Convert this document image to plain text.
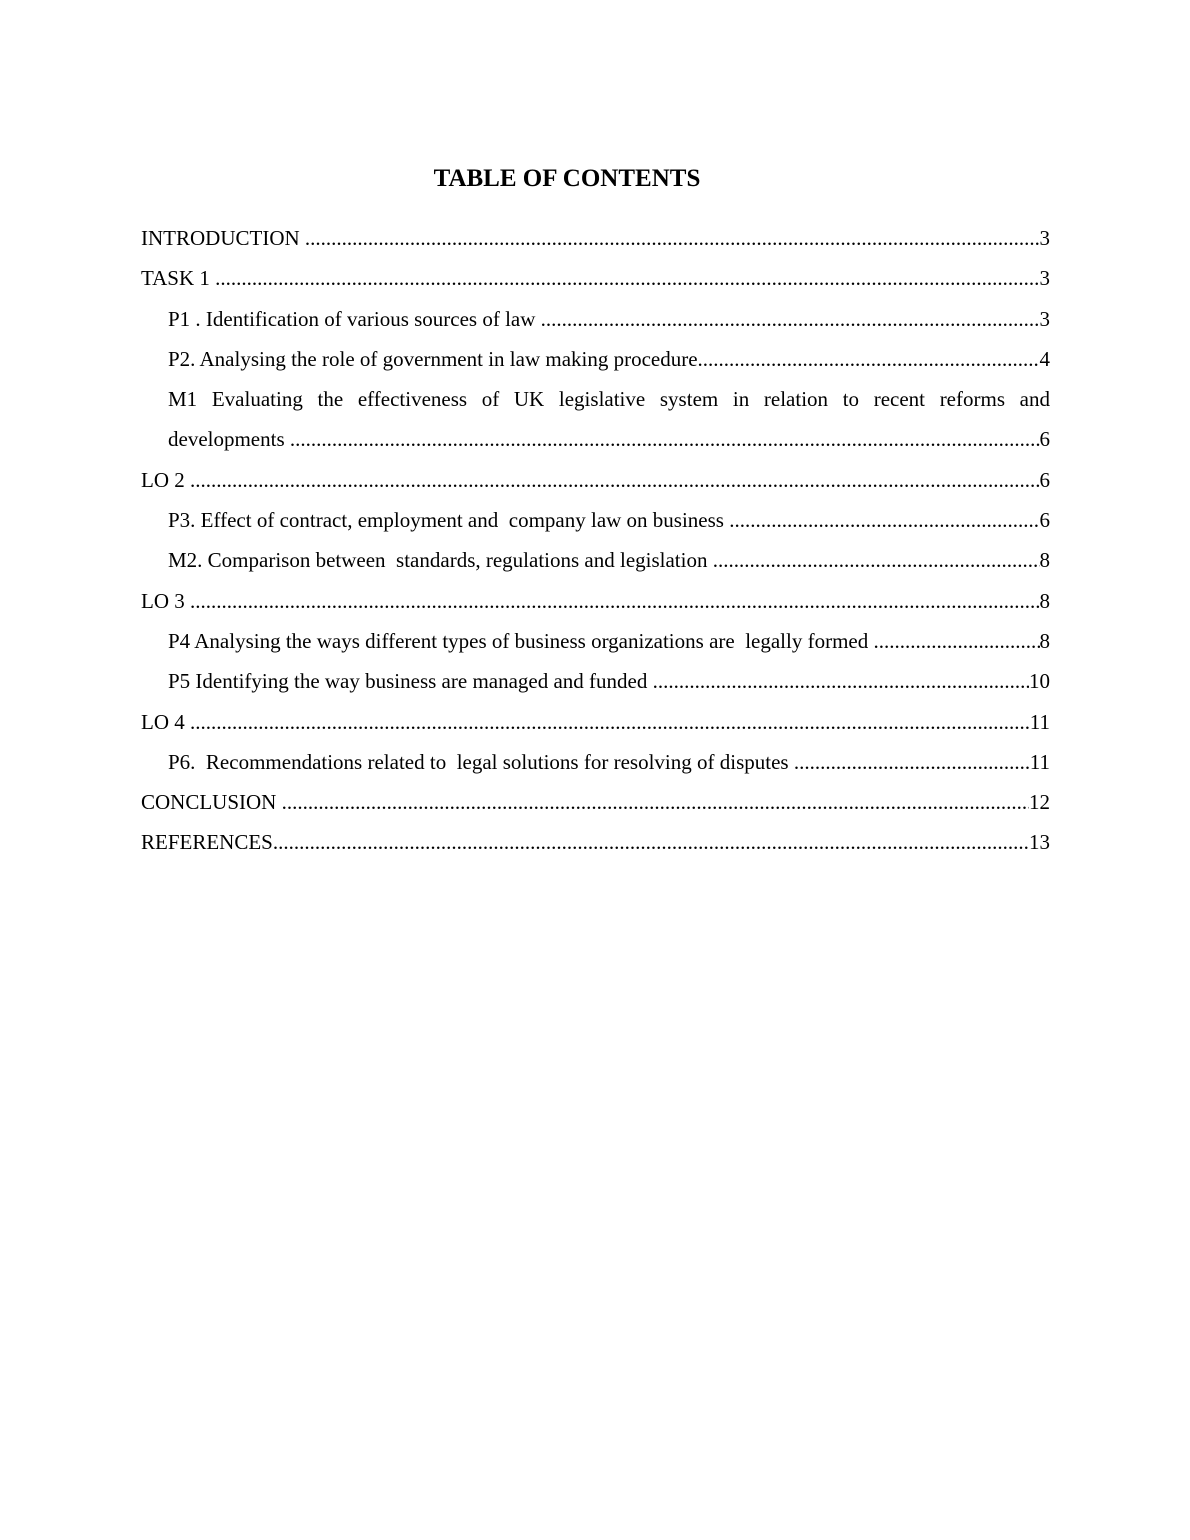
TABLE OF CONTENTS
INTRODUCTION .....	3
TASK 1 .....	3
P1 . Identification of various sources of law .....	3
P2. Analysing the role of government in law making procedure .....	4
M1 Evaluating the effectiveness of UK legislative system in relation to recent reforms and
developments .....	6
LO 2 .....	6
P3. Effect of contract, employment and  company law on business .....	6
M2. Comparison between  standards, regulations and legislation .....	8
LO 3 .....	8
P4 Analysing the ways different types of business organizations are  legally formed .....	8
P5 Identifying the way business are managed and funded .....	10
LO 4 .....	11
P6.  Recommendations related to  legal solutions for resolving of disputes .....	11
CONCLUSION .....	12
REFERENCES .....	13
